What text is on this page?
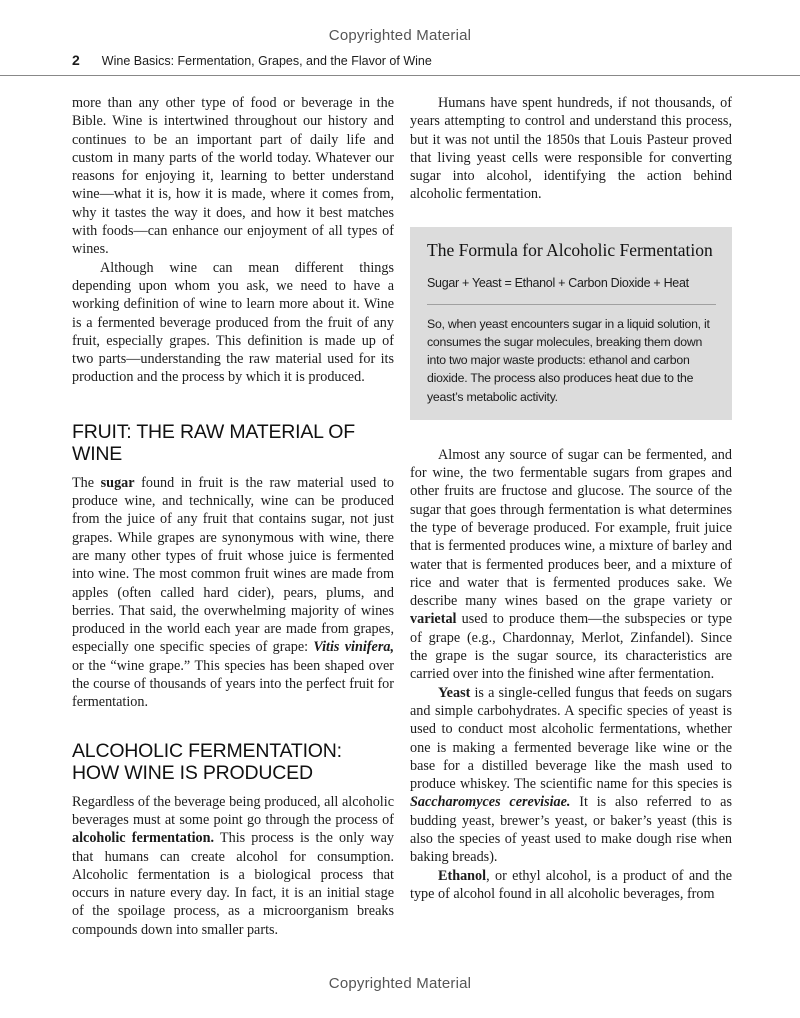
Copyrighted Material
2 Wine Basics: Fermentation, Grapes, and the Flavor of Wine

more than any other type of food or beverage in the Bible. Wine is intertwined throughout our history and continues to be an important part of daily life and custom in many parts of the world today. Whatever our reasons for enjoying it, learning to better understand wine—what it is, how it is made, where it comes from, why it tastes the way it does, and how it best matches with foods—can enhance our enjoyment of all types of wines.

Although wine can mean different things depending upon whom you ask, we need to have a working definition of wine to learn more about it. Wine is a fermented beverage produced from the fruit of any fruit, especially grapes. This definition is made up of two parts—understanding the raw material used for its production and the process by which it is produced.

FRUIT: THE RAW MATERIAL OF WINE

The sugar found in fruit is the raw material used to produce wine, and technically, wine can be produced from the juice of any fruit that contains sugar, not just grapes. While grapes are synonymous with wine, there are many other types of fruit whose juice is fermented into wine. The most common fruit wines are made from apples (often called hard cider), pears, plums, and berries. That said, the overwhelming majority of wines produced in the world each year are made from grapes, especially one specific species of grape: Vitis vinifera, or the “wine grape.” This species has been shaped over the course of thousands of years into the perfect fruit for fermentation.

ALCOHOLIC FERMENTATION: HOW WINE IS PRODUCED

Regardless of the beverage being produced, all alcoholic beverages must at some point go through the process of alcoholic fermentation. This process is the only way that humans can create alcohol for consumption. Alcoholic fermentation is a biological process that occurs in nature every day. In fact, it is an initial stage of the spoilage process, as a microorganism breaks compounds down into smaller parts.

Humans have spent hundreds, if not thousands, of years attempting to control and understand this process, but it was not until the 1850s that Louis Pasteur proved that living yeast cells were responsible for converting sugar into alcohol, identifying the action behind alcoholic fermentation.

The Formula for Alcoholic Fermentation
Sugar + Yeast = Ethanol + Carbon Dioxide + Heat

So, when yeast encounters sugar in a liquid solution, it consumes the sugar molecules, breaking them down into two major waste products: ethanol and carbon dioxide. The process also produces heat due to the yeast’s metabolic activity.

Almost any source of sugar can be fermented, and for wine, the two fermentable sugars from grapes and other fruits are fructose and glucose. The source of the sugar that goes through fermentation is what determines the type of beverage produced. For example, fruit juice that is fermented produces wine, a mixture of barley and water that is fermented produces beer, and a mixture of rice and water that is fermented produces sake. We describe many wines based on the grape variety or varietal used to produce them—the subspecies or type of grape (e.g., Chardonnay, Merlot, Zinfandel). Since the grape is the sugar source, its characteristics are carried over into the finished wine after fermentation.

Yeast is a single-celled fungus that feeds on sugars and simple carbohydrates. A specific species of yeast is used to conduct most alcoholic fermentations, whether one is making a fermented beverage like wine or the base for a distilled beverage like the mash used to produce whiskey. The scientific name for this species is Saccharomyces cerevisiae. It is also referred to as budding yeast, brewer’s yeast, or baker’s yeast (this is also the species of yeast used to make dough rise when baking breads).

Ethanol, or ethyl alcohol, is a product of and the type of alcohol found in all alcoholic beverages, from

Copyrighted Material
